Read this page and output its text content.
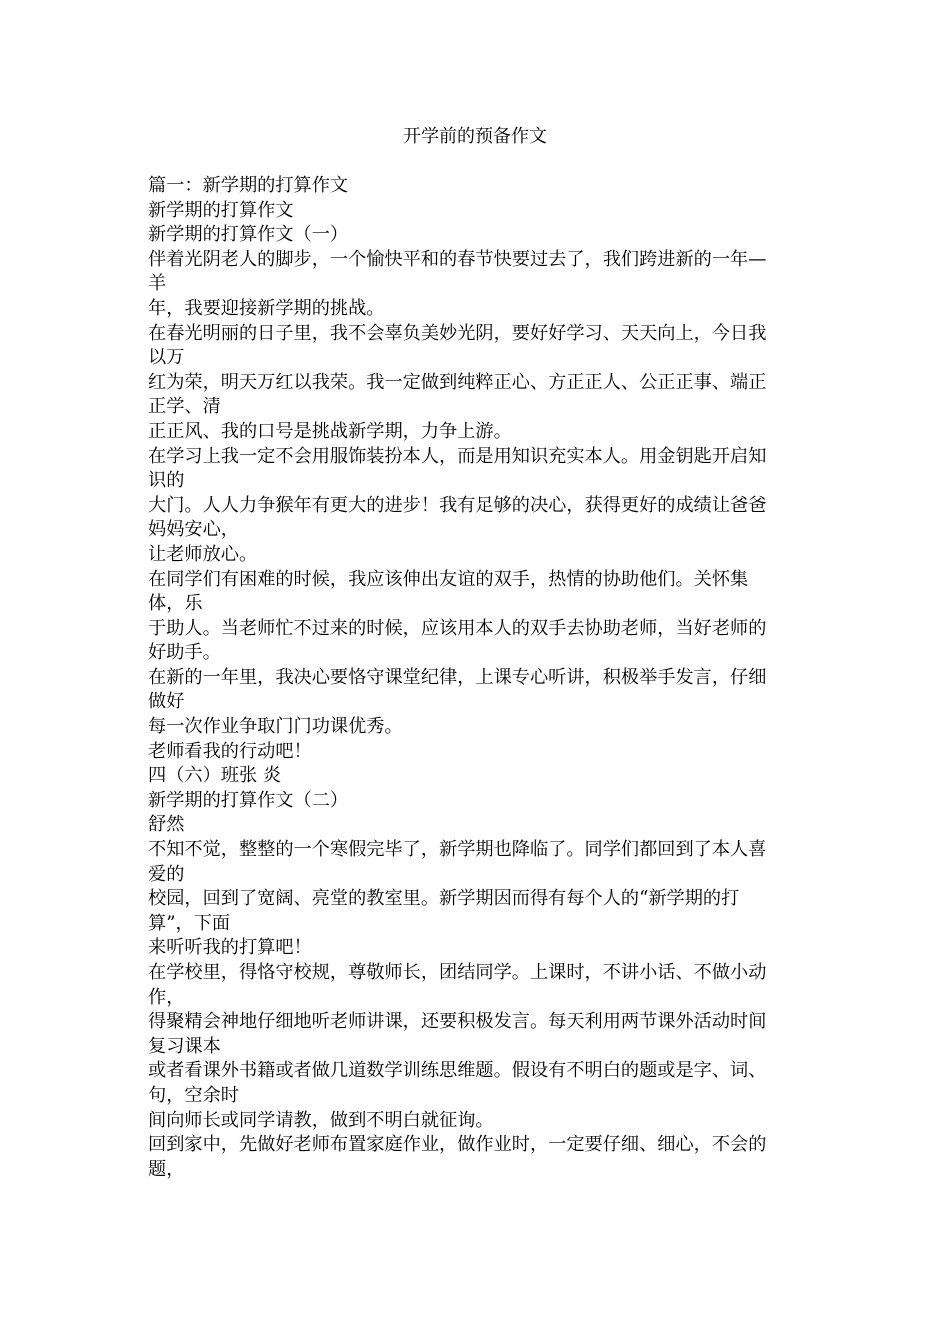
开学前的预备作文

篇一：新学期的打算作文

新学期的打算作文

新学期的打算作文（一）

伴着光阴老人的脚步，一个愉快平和的春节快要过去了，我们跨进新的一年—

羊

年，我要迎接新学期的挑战。

在春光明丽的日子里，我不会辜负美妙光阴，要好好学习、天天向上，今日我

以万

红为荣，明天万红以我荣。我一定做到纯粹正心、方正正人、公正正事、端正

正学、清

正正风、我的口号是挑战新学期，力争上游。

在学习上我一定不会用服饰装扮本人，而是用知识充实本人。用金钥匙开启知

识的

大门。人人力争猴年有更大的进步！我有足够的决心，获得更好的成绩让爸爸

妈妈安心，

让老师放心。

在同学们有困难的时候，我应该伸出友谊的双手，热情的协助他们。关怀集

体，乐

于助人。当老师忙不过来的时候，应该用本人的双手去协助老师，当好老师的

好助手。

在新的一年里，我决心要恪守课堂纪律，上课专心听讲，积极举手发言，仔细

做好

每一次作业争取门门功课优秀。

老师看我的行动吧！

四（六）班张 炎

新学期的打算作文（二）

舒然

不知不觉，整整的一个寒假完毕了，新学期也降临了。同学们都回到了本人喜

爱的

校园，回到了宽阔、亮堂的教室里。新学期因而得有每个人的“新学期的打

算”，下面

来听听我的打算吧！

在学校里，得恪守校规，尊敬师长，团结同学。上课时，不讲小话、不做小动

作，

得聚精会神地仔细地听老师讲课，还要积极发言。每天利用两节课外活动时间

复习课本

或者看课外书籍或者做几道数学训练思维题。假设有不明白的题或是字、词、

句，空余时

间向师长或同学请教，做到不明白就征询。

回到家中，先做好老师布置家庭作业，做作业时，一定要仔细、细心，不会的

题，
